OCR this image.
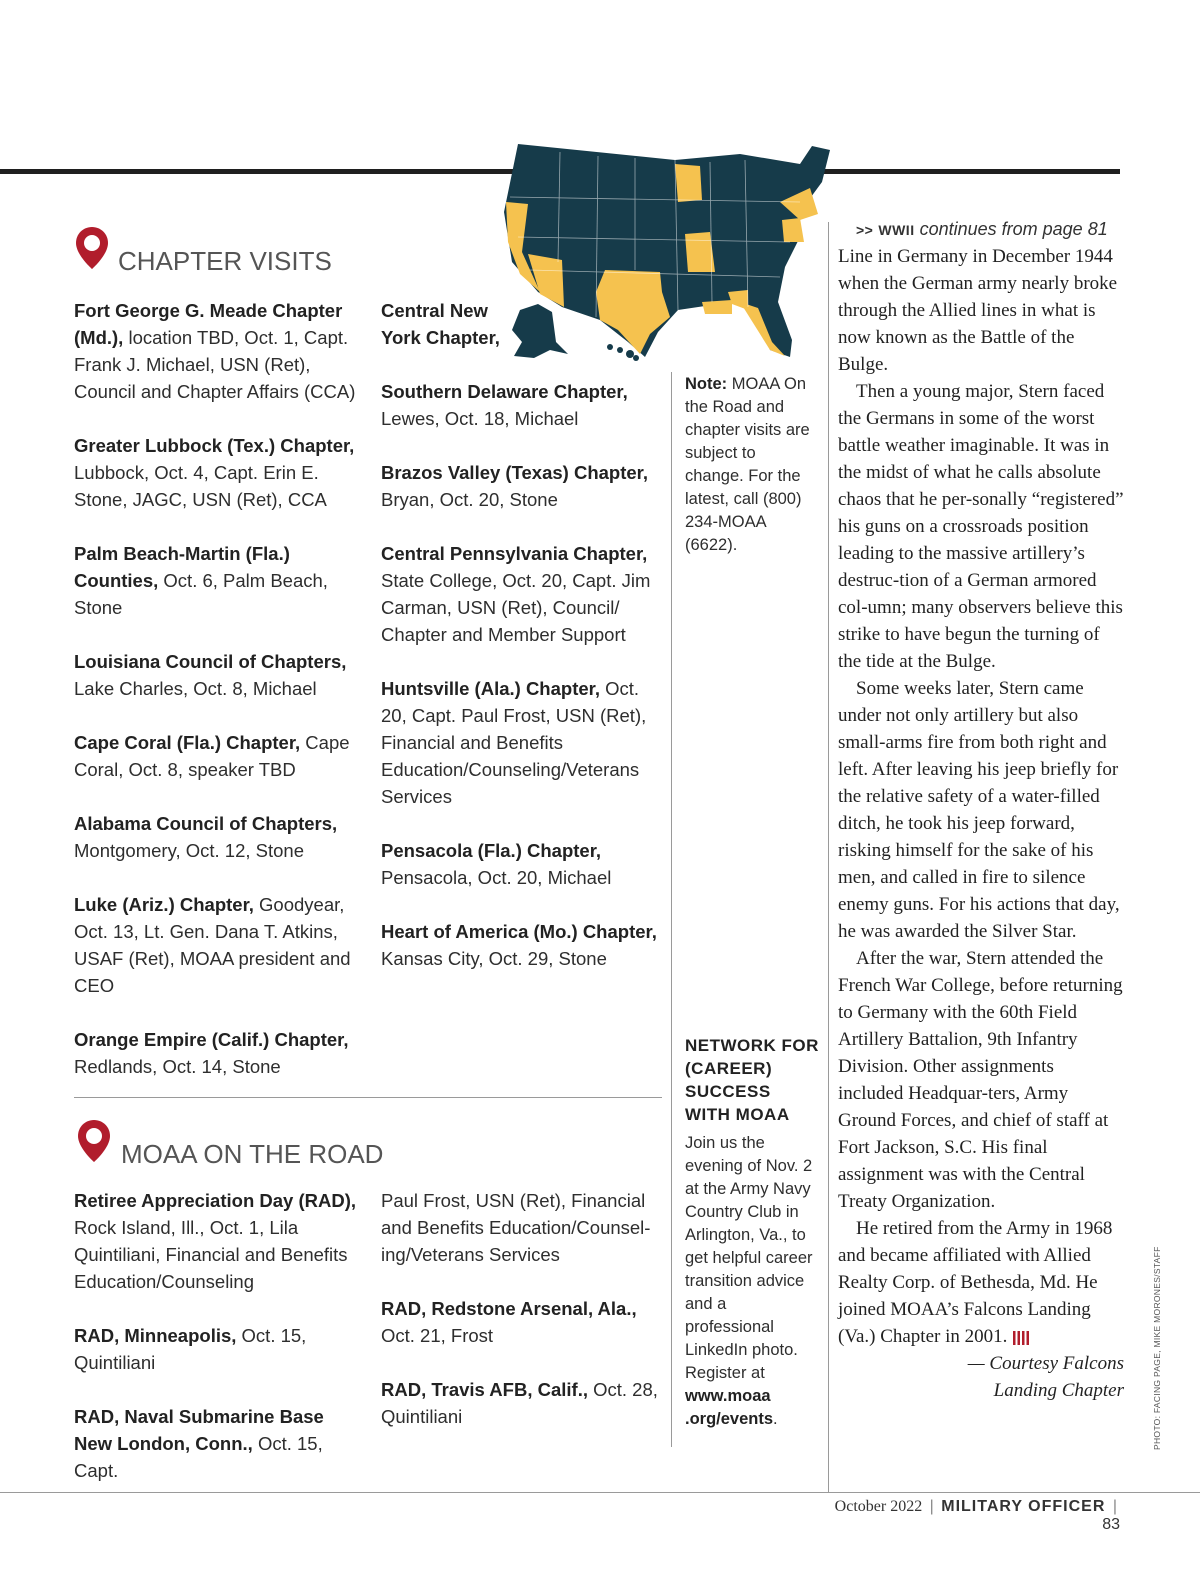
CHAPTER VISITS

Fort George G. Meade Chapter (Md.), location TBD, Oct. 1, Capt. Frank J. Michael, USN (Ret), Council and Chapter Affairs (CCA)

Greater Lubbock (Tex.) Chapter, Lubbock, Oct. 4, Capt. Erin E. Stone, JAGC, USN (Ret), CCA

Palm Beach-Martin (Fla.) Counties, Oct. 6, Palm Beach, Stone

Louisiana Council of Chapters, Lake Charles, Oct. 8, Michael

Cape Coral (Fla.) Chapter, Cape Coral, Oct. 8, speaker TBD

Alabama Council of Chapters, Montgomery, Oct. 12, Stone

Luke (Ariz.) Chapter, Goodyear, Oct. 13, Lt. Gen. Dana T. Atkins, USAF (Ret), MOAA president and CEO

Orange Empire (Calif.) Chapter, Redlands, Oct. 14, Stone

Central New York Chapter,

Southern Delaware Chapter, Lewes, Oct. 18, Michael

Brazos Valley (Texas) Chapter, Bryan, Oct. 20, Stone

Central Pennsylvania Chapter, State College, Oct. 20, Capt. Jim Carman, USN (Ret), Council/ Chapter and Member Support

Huntsville (Ala.) Chapter, Oct. 20, Capt. Paul Frost, USN (Ret), Financial and Benefits Education/Counseling/Veterans Services

Pensacola (Fla.) Chapter, Pensacola, Oct. 20, Michael

Heart of America (Mo.) Chapter, Kansas City, Oct. 29, Stone

MOAA ON THE ROAD

Retiree Appreciation Day (RAD), Rock Island, Ill., Oct. 1, Lila Quintiliani, Financial and Benefits Education/Counseling

RAD, Minneapolis, Oct. 15, Quintiliani

RAD, Naval Submarine Base New London, Conn., Oct. 15, Capt.

Paul Frost, USN (Ret), Financial and Benefits Education/Counsel-ing/Veterans Services

RAD, Redstone Arsenal, Ala., Oct. 21, Frost

RAD, Travis AFB, Calif., Oct. 28, Quintiliani

Note: MOAA On the Road and chapter visits are subject to change. For the latest, call (800) 234-MOAA (6622).
NETWORK FOR (CAREER) SUCCESS WITH MOAA
Join us the evening of Nov. 2 at the Army Navy Country Club in Arlington, Va., to get helpful career transition advice and a professional LinkedIn photo. Register at www.moaa .org/events.
>> WWII continues from page 81

Line in Germany in December 1944 when the German army nearly broke through the Allied lines in what is now known as the Battle of the Bulge.

Then a young major, Stern faced the Germans in some of the worst battle weather imaginable. It was in the midst of what he calls absolute chaos that he per-sonally “registered” his guns on a crossroads position leading to the massive artillery’s destruc-tion of a German armored col-umn; many observers believe this strike to have begun the turning of the tide at the Bulge.

Some weeks later, Stern came under not only artillery but also small-arms fire from both right and left. After leaving his jeep briefly for the relative safety of a water-filled ditch, he took his jeep forward, risking himself for the sake of his men, and called in fire to silence enemy guns. For his actions that day, he was awarded the Silver Star.

After the war, Stern attended the French War College, before returning to Germany with the 60th Field Artillery Battalion, 9th Infantry Division. Other assignments included Headquar-ters, Army Ground Forces, and chief of staff at Fort Jackson, S.C. His final assignment was with the Central Treaty Organization.

He retired from the Army in 1968 and became affiliated with Allied Realty Corp. of Bethesda, Md. He joined MOAA’s Falcons Landing (Va.) Chapter in 2001.

— Courtesy Falcons
Landing Chapter	PHOTO: FACING PAGE, MIKE MORONES/STAFF
October 2022 | MILITARY OFFICER | 83
